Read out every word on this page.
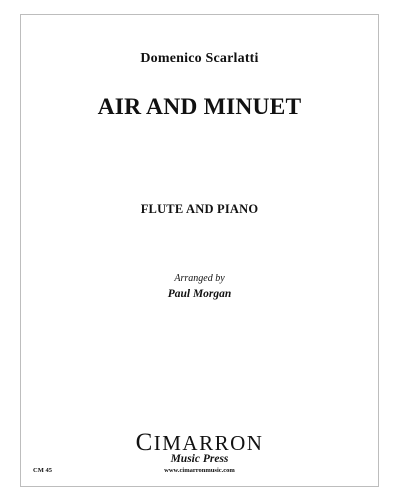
Domenico Scarlatti
AIR AND MINUET
FLUTE AND PIANO
Arranged by
Paul Morgan
CIMARRON
Music Press
CM 45	www.cimarronmusic.com
